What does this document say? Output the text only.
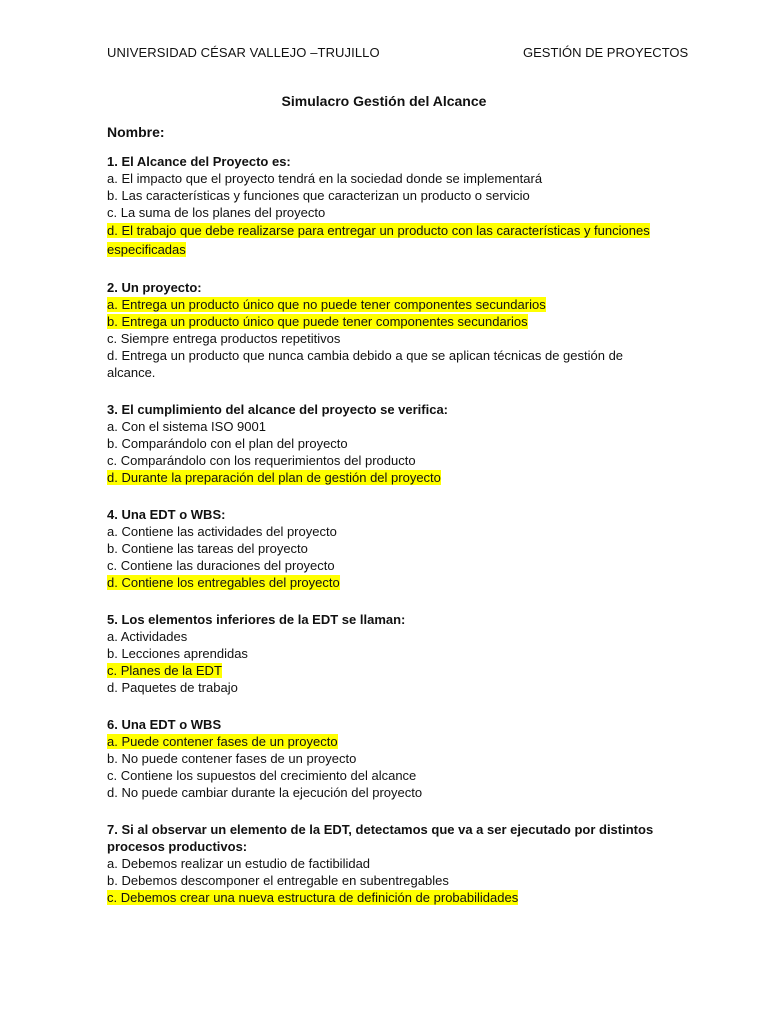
UNIVERSIDAD CÉSAR VALLEJO –TRUJILLO	GESTIÓN DE PROYECTOS
Simulacro Gestión del Alcance
Nombre:
1. El Alcance del Proyecto es:
a. El impacto que el proyecto tendrá en la sociedad donde se implementará
b. Las características y funciones que caracterizan un producto o servicio
c. La suma de los planes del proyecto
d. El trabajo que debe realizarse para entregar un producto con las características y funciones especificadas
2. Un proyecto:
a. Entrega un producto único que no puede tener componentes secundarios
b. Entrega un producto único que puede tener componentes secundarios
c. Siempre entrega productos repetitivos
d. Entrega un producto que nunca cambia debido a que se aplican técnicas de gestión de alcance.
3. El cumplimiento del alcance del proyecto se verifica:
a. Con el sistema ISO 9001
b. Comparándolo con el plan del proyecto
c. Comparándolo con los requerimientos del producto
d. Durante la preparación del plan de gestión del proyecto
4. Una EDT o WBS:
a. Contiene las actividades del proyecto
b. Contiene las tareas del proyecto
c. Contiene las duraciones del proyecto
d. Contiene los entregables del proyecto
5. Los elementos inferiores de la EDT se llaman:
a. Actividades
b. Lecciones aprendidas
c. Planes de la EDT
d. Paquetes de trabajo
6. Una EDT o WBS
a. Puede contener fases de un proyecto
b. No puede contener fases de un proyecto
c. Contiene los supuestos del crecimiento del alcance
d. No puede cambiar durante la ejecución del proyecto
7. Si al observar un elemento de la EDT, detectamos que va a ser ejecutado por distintos procesos productivos:
a. Debemos realizar un estudio de factibilidad
b. Debemos descomponer el entregable en subentregables
c. Debemos crear una nueva estructura de definición de probabilidades
